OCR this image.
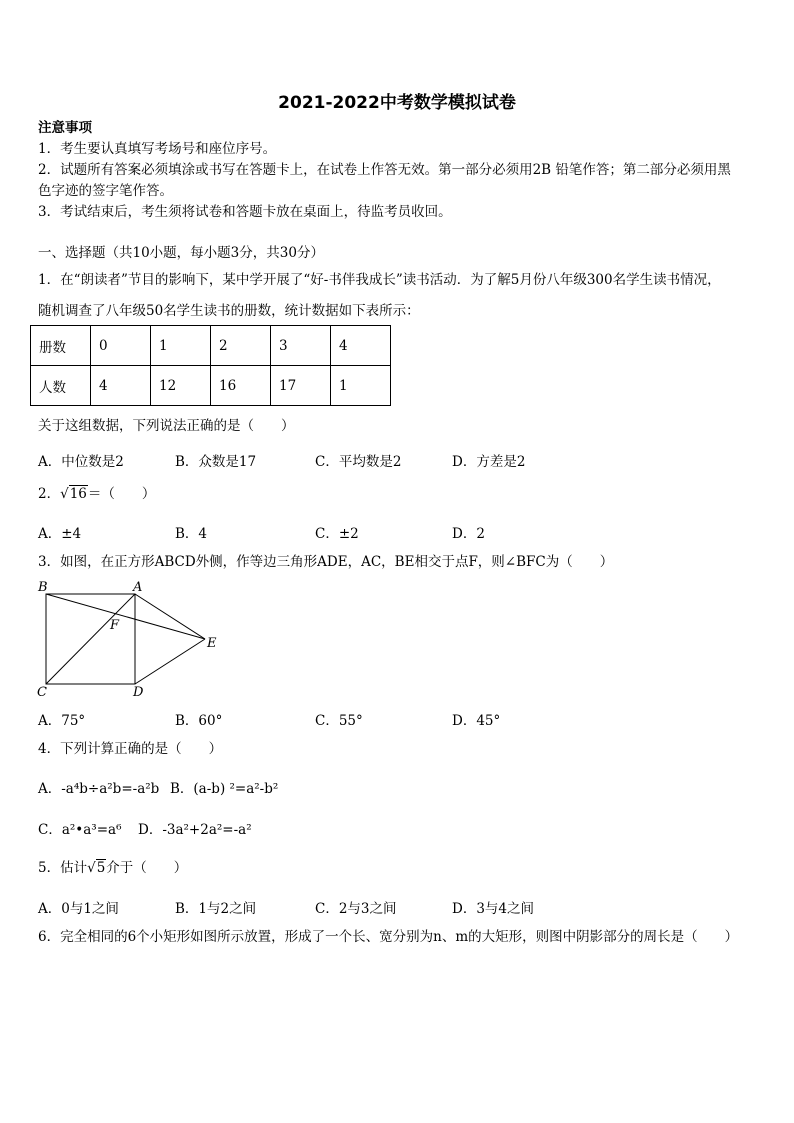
2021-2022中考数学模拟试卷
注意事项
1．考生要认真填写考场号和座位序号。
2．试题所有答案必须填涂或书写在答题卡上，在试卷上作答无效。第一部分必须用2B 铅笔作答；第二部分必须用黑
色字迹的签字笔作答。
3．考试结束后，考生须将试卷和答题卡放在桌面上，待监考员收回。
一、选择题（共10小题，每小题3分，共30分）
1．在“朗读者”节目的影响下，某中学开展了“好‑书伴我成长”读书活动．为了解5月份八年级300名学生读书情况，
随机调查了八年级50名学生读书的册数，统计数据如下表所示：
册数	0	1	2	3	4
人数	4	12	16	17	1
关于这组数据，下列说法正确的是（　　）
A．中位数是2	B．众数是17	C．平均数是2	D．方差是2
2．√16＝（　　）
A．±4	B．4	C．±2	D．2
3．如图，在正方形ABCD外侧，作等边三角形ADE，AC，BE相交于点F，则∠BFC为（　　）
B	A
F
E
C	D
A．75°	B．60°	C．55°	D．45°
4．下列计算正确的是（　　）
A．-a⁴b÷a²b=-a²b B．(a-b) ²=a²-b²
C．a²•a³=a⁶ D．-3a²+2a²=-a²
5．估计√5介于（　　）
A．0与1之间	B．1与2之间	C．2与3之间	D．3与4之间
6．完全相同的6个小矩形如图所示放置，形成了一个长、宽分别为n、m的大矩形，则图中阴影部分的周长是（　　）
